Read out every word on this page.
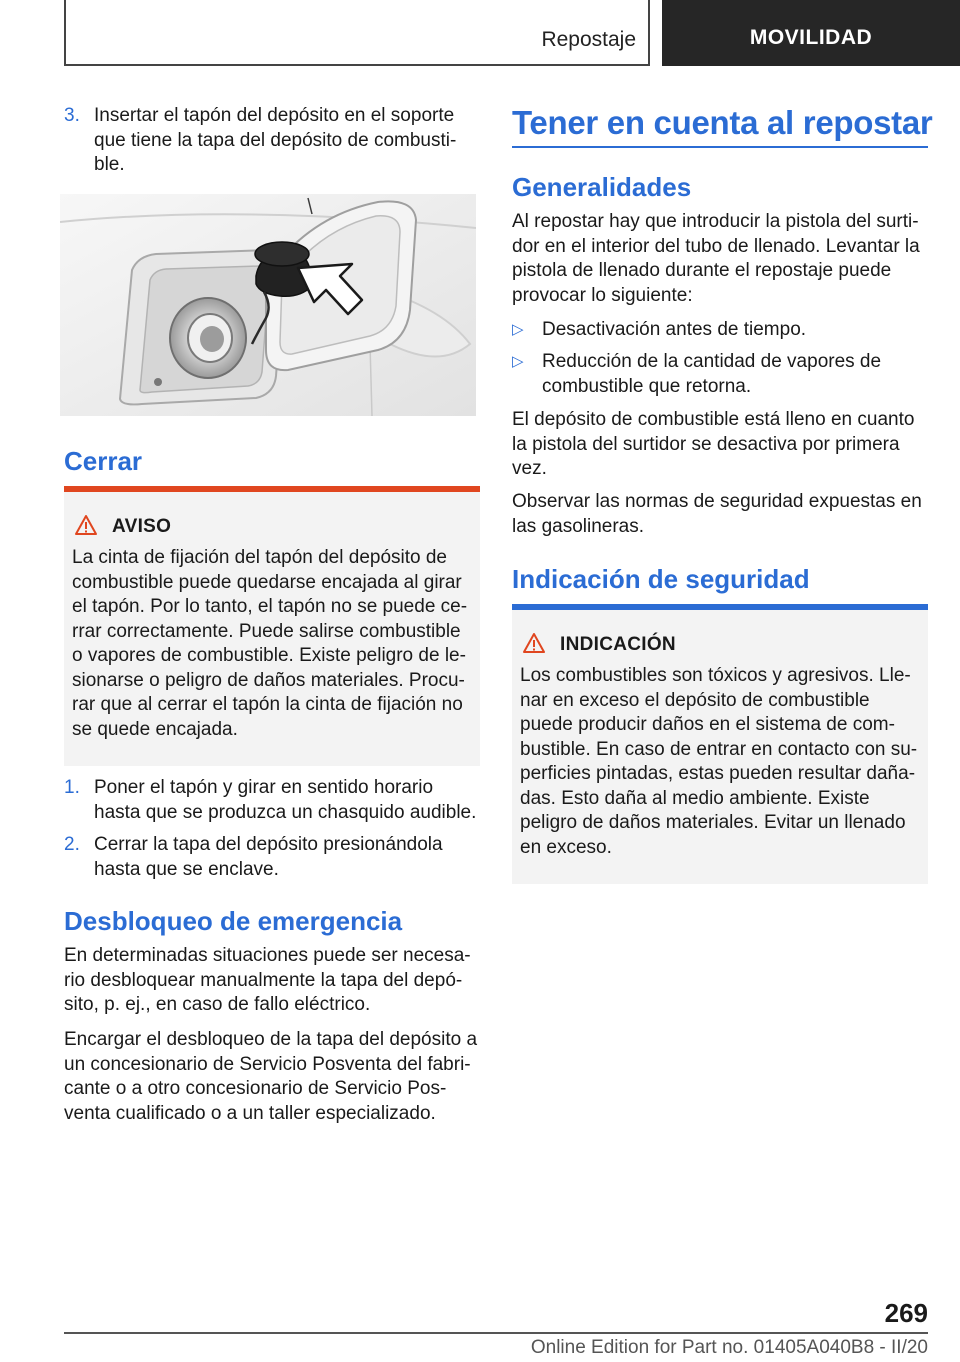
Repostaje	MOVILIDAD
3. Insertar el tapón del depósito en el soporte que tiene la tapa del depósito de combusti-ble.
Cerrar
AVISO
La cinta de fijación del tapón del depósito de combustible puede quedarse encajada al girar el tapón. Por lo tanto, el tapón no se puede ce-rrar correctamente. Puede salirse combustible o vapores de combustible. Existe peligro de le-sionarse o peligro de daños materiales. Procu-rar que al cerrar el tapón la cinta de fijación no se quede encajada.
1. Poner el tapón y girar en sentido horario hasta que se produzca un chasquido audible.
2. Cerrar la tapa del depósito presionándola hasta que se enclave.
Desbloqueo de emergencia
En determinadas situaciones puede ser necesa-rio desbloquear manualmente la tapa del depó-sito, p. ej., en caso de fallo eléctrico.
Encargar el desbloqueo de la tapa del depósito a un concesionario de Servicio Posventa del fabri-cante o a otro concesionario de Servicio Pos-venta cualificado o a un taller especializado.
Tener en cuenta al repostar
Generalidades
Al repostar hay que introducir la pistola del surti-dor en el interior del tubo de llenado. Levantar la pistola de llenado durante el repostaje puede provocar lo siguiente:
▷ Desactivación antes de tiempo.
▷ Reducción de la cantidad de vapores de combustible que retorna.
El depósito de combustible está lleno en cuanto la pistola del surtidor se desactiva por primera vez.
Observar las normas de seguridad expuestas en las gasolineras.
Indicación de seguridad
INDICACIÓN
Los combustibles son tóxicos y agresivos. Lle-nar en exceso el depósito de combustible puede producir daños en el sistema de com-bustible. En caso de entrar en contacto con su-perficies pintadas, estas pueden resultar daña-das. Esto daña al medio ambiente. Existe peligro de daños materiales. Evitar un llenado en exceso.
269
Online Edition for Part no. 01405A040B8 - II/20
